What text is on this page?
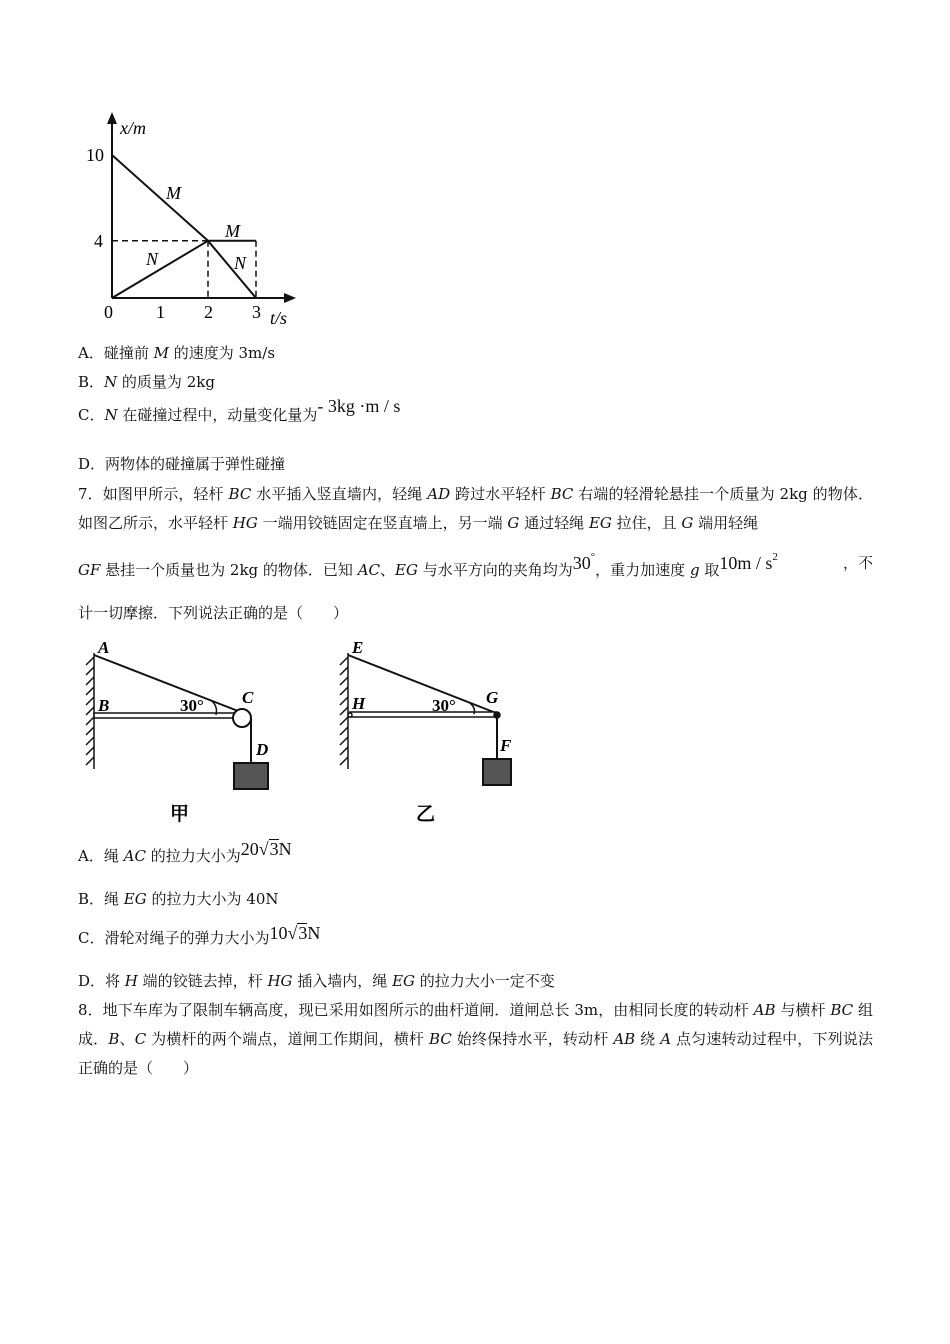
x/m
t/s
10
4
0 1 2 3
M
N
M
N
A．碰撞前 M 的速度为 3m/s
B．N 的质量为 2kg
C．N 在碰撞过程中，动量变化量为- 3kg ·m / s
D．两物体的碰撞属于弹性碰撞
7．如图甲所示，轻杆 BC 水平插入竖直墙内，轻绳 AD 跨过水平轻杆 BC 右端的轻滑轮悬挂一个质量为 2kg 的物体．如图乙所示，水平轻杆 HG 一端用铰链固定在竖直墙上，另一端 G 通过轻绳 EG 拉住，且 G 端用轻绳
GF 悬挂一个质量也为 2kg 的物体．已知 AC、EG 与水平方向的夹角均为30°，重力加速度 g 取$10m / s^2$	，不
计一切摩擦．下列说法正确的是（　　）
A
B	C
D
30°
甲
E
H	G
F
30°
乙
A．绳 AC 的拉力大小为20√3N
B．绳 EG 的拉力大小为 40N
C．滑轮对绳子的弹力大小为10√3N
D．将 H 端的铰链去掉，杆 HG 插入墙内，绳 EG 的拉力大小一定不变
8．地下车库为了限制车辆高度，现已采用如图所示的曲杆道闸．道闸总长 3m，由相同长度的转动杆 AB 与横杆 BC 组成．B、C 为横杆的两个端点，道闸工作期间，横杆 BC 始终保持水平，转动杆 AB 绕 A 点匀速转动过程中，下列说法正确的是（　　）
